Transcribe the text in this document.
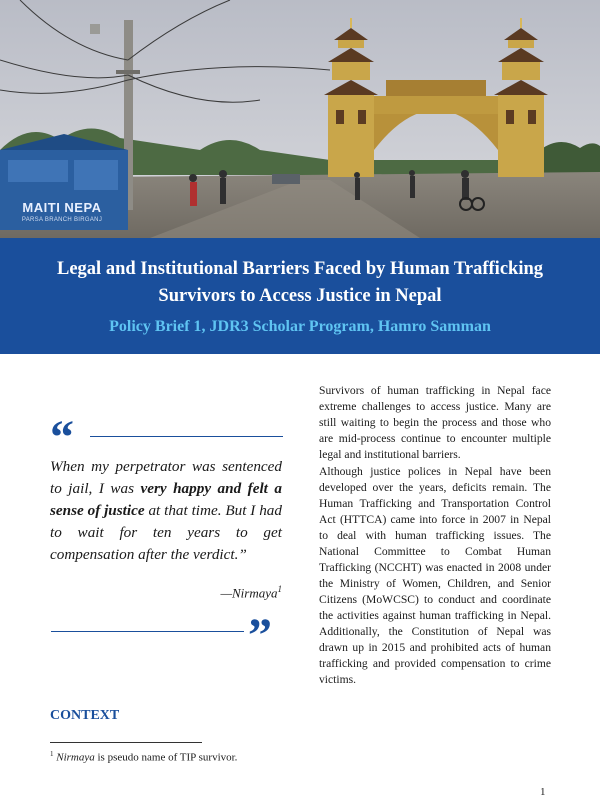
MAITI NEPA
PARSA BRANCH BIRGANJ
Legal and Institutional Barriers Faced by Human Trafficking
Survivors to Access Justice in Nepal
Policy Brief 1, JDR3 Scholar Program, Hamro Samman
“
When my perpetrator was sentenced to jail, I was very happy and felt a sense of justice at that time. But I had to wait for ten years to get compensation after the verdict.”
—Nirmaya$^1$
”
CONTEXT
$^1$ Nirmaya is pseudo name of TIP survivor.

Survivors of human trafficking in Nepal face extreme challenges to access justice. Many are still waiting to begin the process and those who are mid-process continue to encounter multiple legal and institutional barriers.

Although justice polices in Nepal have been developed over the years, deficits remain. The Human Trafficking and Transportation Control Act (HTTCA) came into force in 2007 in Nepal to deal with human trafficking issues. The National Committee to Combat Human Trafficking (NCCHT) was enacted in 2008 under the Ministry of Women, Children, and Senior Citizens (MoWCSC) to conduct and coordinate the activities against human trafficking in Nepal. Additionally, the Constitution of Nepal was drawn up in 2015 and prohibited acts of human trafficking and provided compensation to crime victims.

1
